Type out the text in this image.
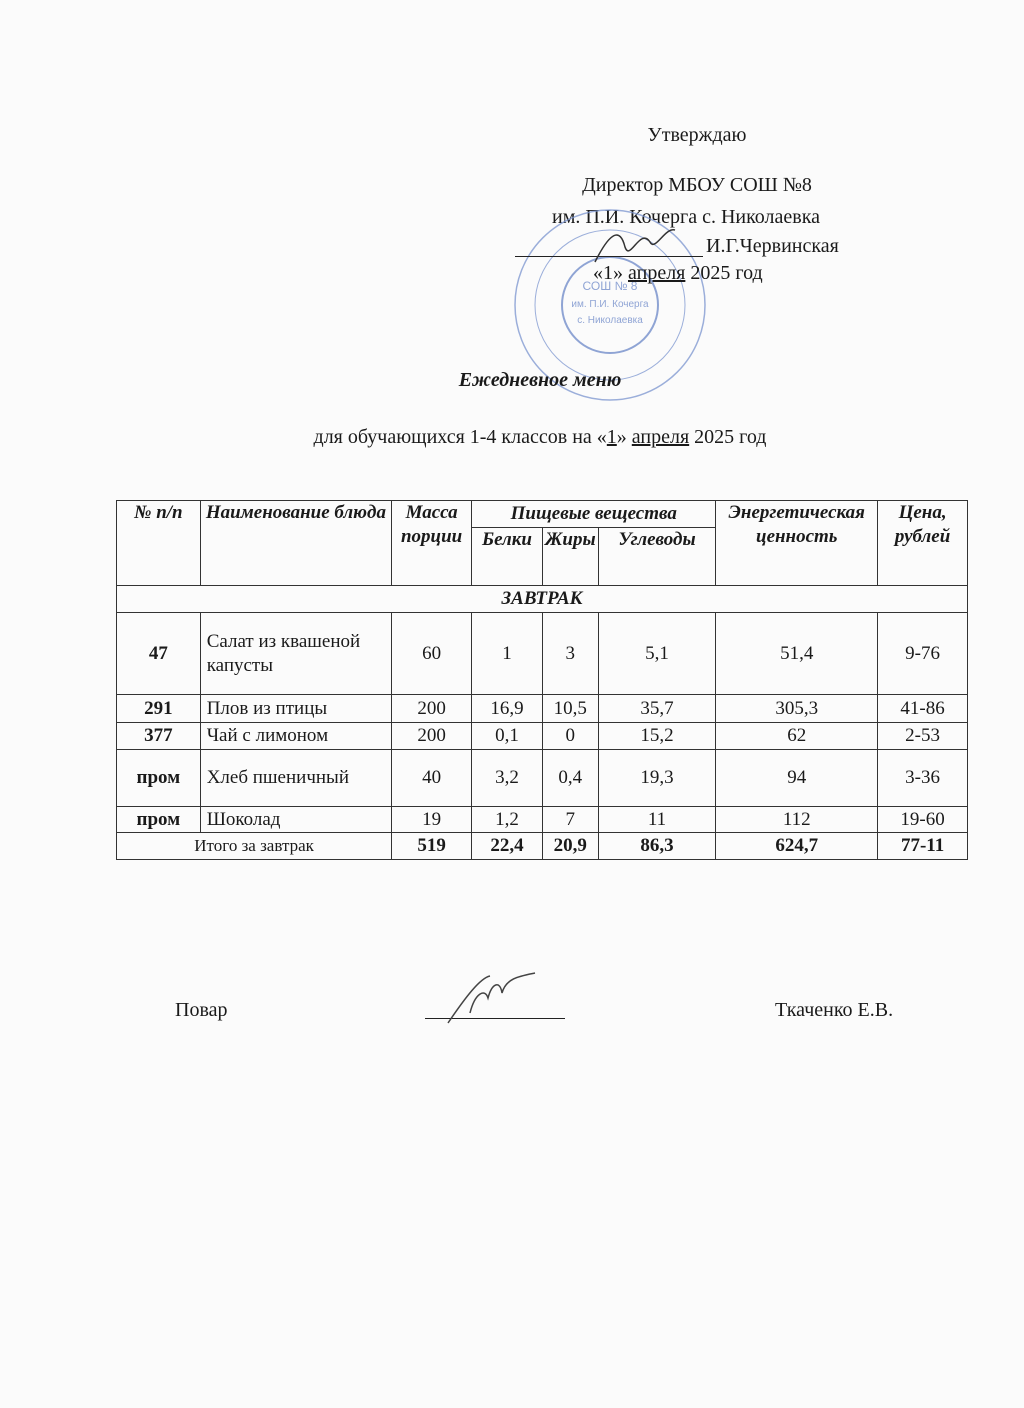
Утверждаю
Директор МБОУ СОШ №8
им. П.И. Кочерга с. Николаевка
СОШ № 8
им. П.И. Кочерга
с. Николаевка
И.Г.Червинская
«1» апреля 2025 год
Ежедневное меню
для обучающихся 1-4 классов на «1» апреля 2025 год
№ п/п	Наименование блюда	Масса порции	Пищевые вещества			Энергетическая ценность	Цена, рублей
			Белки	Жиры	Углеводы		
ЗАВТРАК							
47	Салат из квашеной капусты	60	1	3	5,1	51,4	9-76
291	Плов из птицы	200	16,9	10,5	35,7	305,3	41-86
377	Чай с лимоном	200	0,1	0	15,2	62	2-53
пром	Хлеб пшеничный	40	3,2	0,4	19,3	94	3-36
пром	Шоколад	19	1,2	7	11	112	19-60
Итого за завтрак		519	22,4	20,9	86,3	624,7	77-11
Повар	Ткаченко Е.В.
